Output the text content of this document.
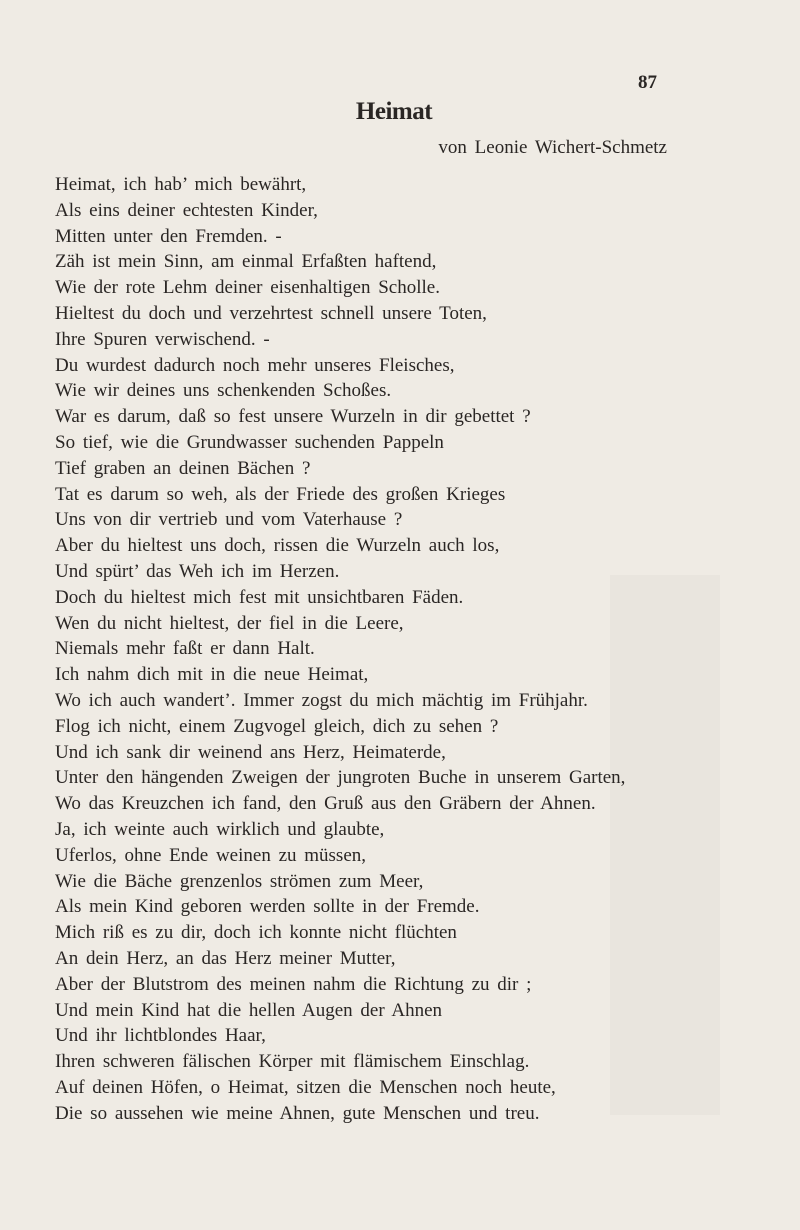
87
Heimat
von Leonie Wichert-Schmetz
Heimat, ich hab’ mich bewährt,
Als eins deiner echtesten Kinder,
Mitten unter den Fremden. -
Zäh ist mein Sinn, am einmal Erfaßten haftend,
Wie der rote Lehm deiner eisenhaltigen Scholle.
Hieltest du doch und verzehrtest schnell unsere Toten,
Ihre Spuren verwischend. -
Du wurdest dadurch noch mehr unseres Fleisches,
Wie wir deines uns schenkenden Schoßes.
War es darum, daß so fest unsere Wurzeln in dir gebettet ?
So tief, wie die Grundwasser suchenden Pappeln
Tief graben an deinen Bächen ?
Tat es darum so weh, als der Friede des großen Krieges
Uns von dir vertrieb und vom Vaterhause ?
Aber du hieltest uns doch, rissen die Wurzeln auch los,
Und spürt’ das Weh ich im Herzen.
Doch du hieltest mich fest mit unsichtbaren Fäden.
Wen du nicht hieltest, der fiel in die Leere,
Niemals mehr faßt er dann Halt.
Ich nahm dich mit in die neue Heimat,
Wo ich auch wandert’. Immer zogst du mich mächtig im Frühjahr.
Flog ich nicht, einem Zugvogel gleich, dich zu sehen ?
Und ich sank dir weinend ans Herz, Heimaterde,
Unter den hängenden Zweigen der jungroten Buche in unserem Garten,
Wo das Kreuzchen ich fand, den Gruß aus den Gräbern der Ahnen.
Ja, ich weinte auch wirklich und glaubte,
Uferlos, ohne Ende weinen zu müssen,
Wie die Bäche grenzenlos strömen zum Meer,
Als mein Kind geboren werden sollte in der Fremde.
Mich riß es zu dir, doch ich konnte nicht flüchten
An dein Herz, an das Herz meiner Mutter,
Aber der Blutstrom des meinen nahm die Richtung zu dir ;
Und mein Kind hat die hellen Augen der Ahnen
Und ihr lichtblondes Haar,
Ihren schweren fälischen Körper mit flämischem Einschlag.
Auf deinen Höfen, o Heimat, sitzen die Menschen noch heute,
Die so aussehen wie meine Ahnen, gute Menschen und treu.
